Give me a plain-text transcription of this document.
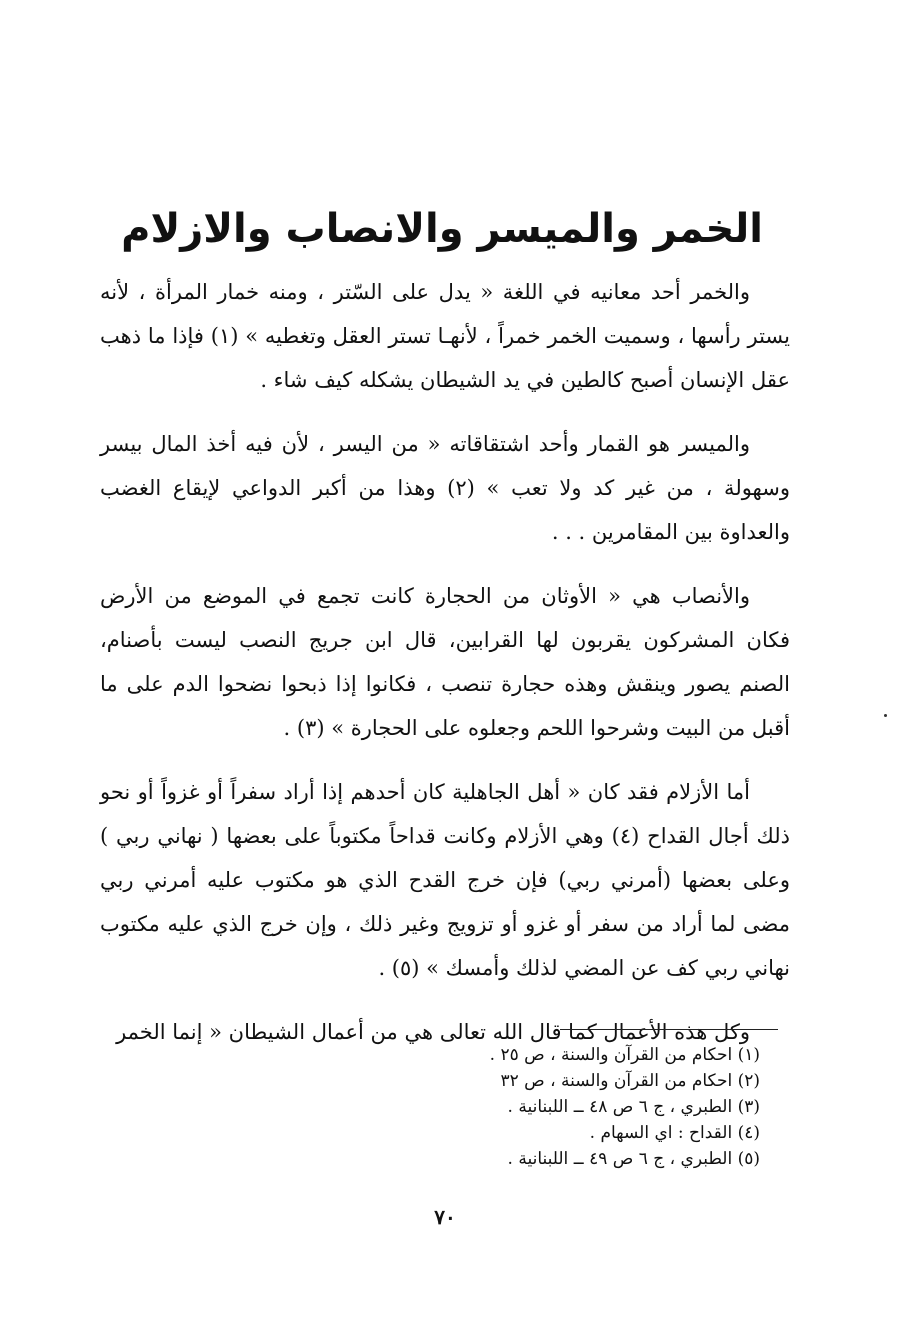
الخمر والميسر والانصاب والازلام

والخمر أحد معانيه في اللغة « يدل على السّتر ، ومنه خمار المرأة ، لأنه يستر رأسها ، وسميت الخمر خمراً ، لأنهـا تستر العقل وتغطيه » (١) فإذا ما ذهب عقل الإنسان أصبح كالطين في يد الشيطان يشكله كيف شاء .

والميسر هو القمار وأحد اشتقاقاته « من اليسر ، لأن فيه أخذ المال بيسر وسهولة ، من غير كد ولا تعب » (٢) وهذا من أكبر الدواعي لإيقاع الغضب والعداوة بين المقامرين . . .

والأنصاب هي « الأوثان من الحجارة كانت تجمع في الموضع من الأرض فكان المشركون يقربون لها القرابين، قال ابن جريج النصب ليست بأصنام، الصنم يصور وينقش وهذه حجارة تنصب ، فكانوا إذا ذبحوا نضحوا الدم على ما أقبل من البيت وشرحوا اللحم وجعلوه على الحجارة » (٣) .

أما الأزلام فقد كان « أهل الجاهلية كان أحدهم إذا أراد سفراً أو غزواً أو نحو ذلك أجال القداح (٤) وهي الأزلام وكانت قداحاً مكتوباً على بعضها ( نهاني ربي ) وعلى بعضها (أمرني ربي) فإن خرج القدح الذي هو مكتوب عليه أمرني ربي مضى لما أراد من سفر أو غزو أو تزويج وغير ذلك ، وإن خرج الذي عليه مكتوب نهاني ربي كف عن المضي لذلك وأمسك » (٥) .

وكل هذه الأعمال كما قال الله تعالى هي من أعمال الشيطان « إنما الخمر

(١) احكام من القرآن والسنة ، ص ٢٥ .
(٢) احكام من القرآن والسنة ، ص ٣٢
(٣) الطبري ، ج ٦ ص ٤٨ ــ اللبنانية .
(٤) القداح : اي السهام .
(٥) الطبري ، ج ٦ ص ٤٩ ــ اللبنانية .
٧٠
